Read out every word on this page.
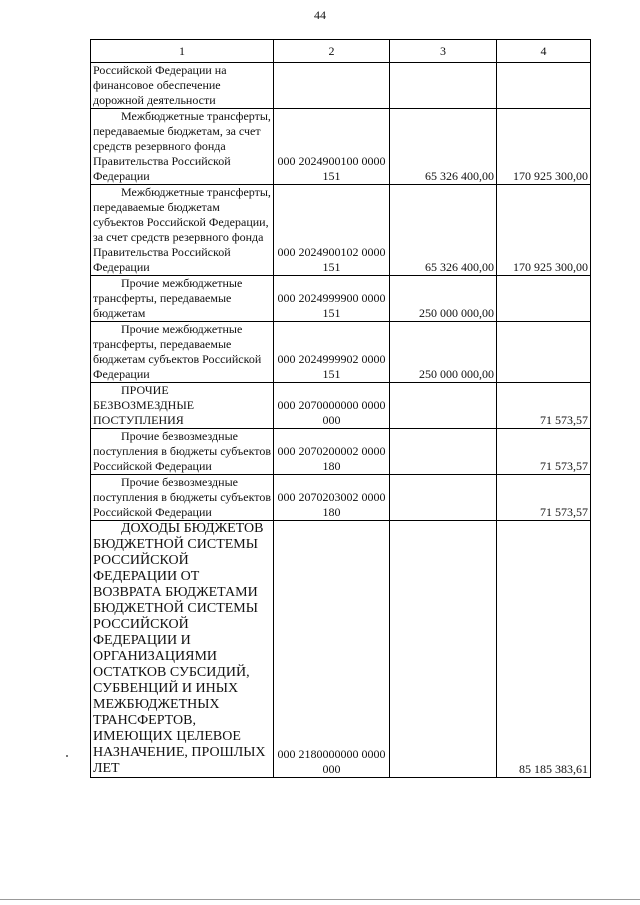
44
1	2	3	4

Российской Федерации на финансовое обеспечение дорожной деятельности			

Межбюджетные трансферты, передаваемые бюджетам, за счет средств резервного фонда Правительства Российской Федерации	000 2024900100 0000 151	65 326 400,00	170 925 300,00

Межбюджетные трансферты, передаваемые бюджетам субъектов Российской Федерации, за счет средств резервного фонда Правительства Российской Федерации	000 2024900102 0000 151	65 326 400,00	170 925 300,00

Прочие межбюджетные трансферты, передаваемые бюджетам	000 2024999900 0000 151	250 000 000,00	

Прочие межбюджетные трансферты, передаваемые бюджетам субъектов Российской Федерации	000 2024999902 0000 151	250 000 000,00	

ПРОЧИЕ БЕЗВОЗМЕЗДНЫЕ ПОСТУПЛЕНИЯ	000 2070000000 0000 000		71 573,57

Прочие безвозмездные поступления в бюджеты субъектов Российской Федерации	000 2070200002 0000 180		71 573,57

Прочие безвозмездные поступления в бюджеты субъектов Российской Федерации	000 2070203002 0000 180		71 573,57

ДОХОДЫ БЮДЖЕТОВ БЮДЖЕТНОЙ СИСТЕМЫ РОССИЙСКОЙ ФЕДЕРАЦИИ ОТ ВОЗВРАТА БЮДЖЕТАМИ БЮДЖЕТНОЙ СИСТЕМЫ РОССИЙСКОЙ ФЕДЕРАЦИИ И ОРГАНИЗАЦИЯМИ ОСТАТКОВ СУБСИДИЙ, СУБВЕНЦИЙ И ИНЫХ МЕЖБЮДЖЕТНЫХ ТРАНСФЕРТОВ, ИМЕЮЩИХ ЦЕЛЕВОЕ НАЗНАЧЕНИЕ, ПРОШЛЫХ ЛЕТ	000 2180000000 0000 000		85 185 383,61
